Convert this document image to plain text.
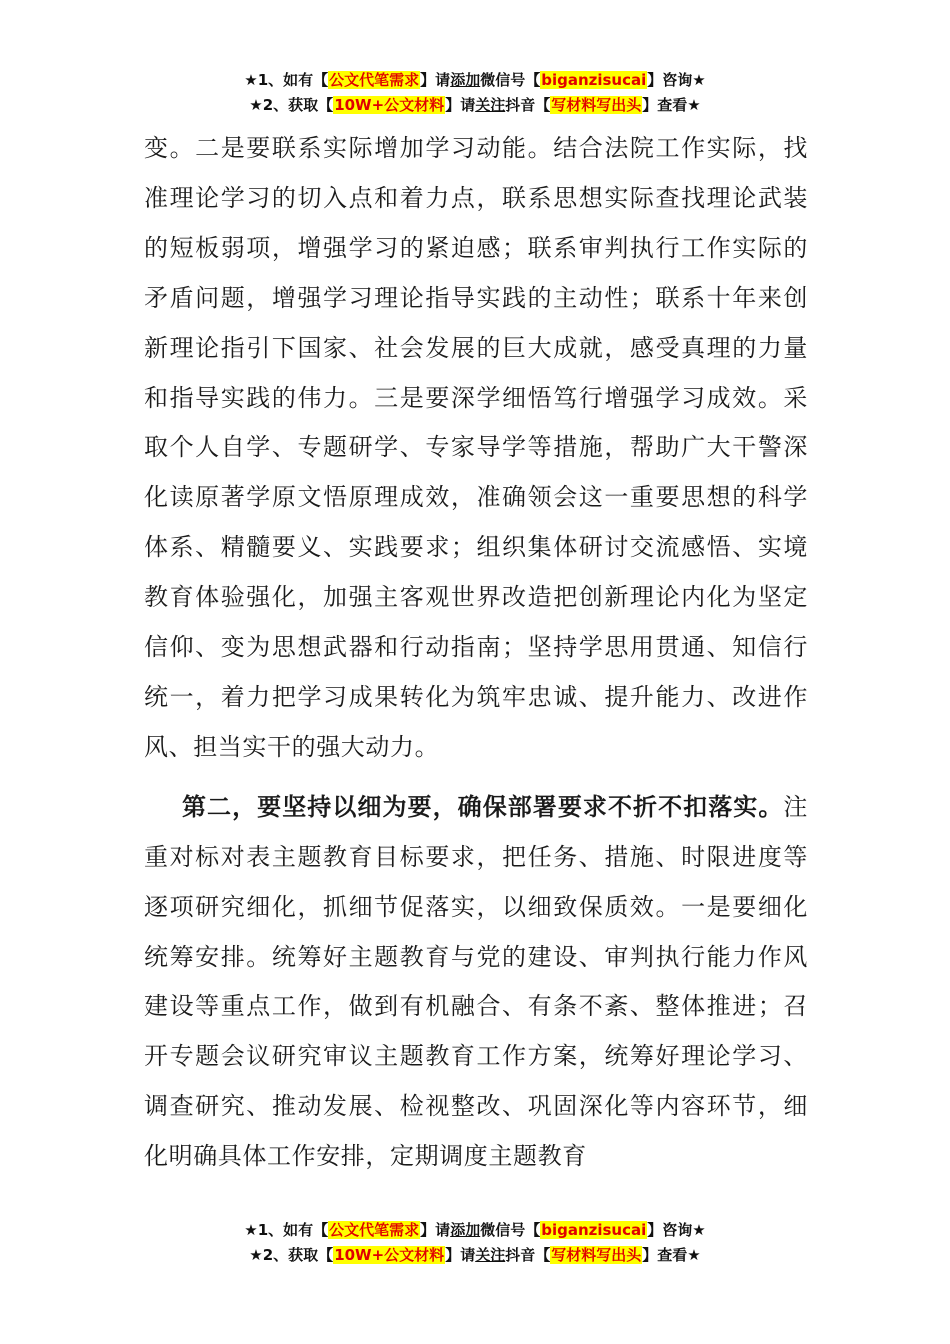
★1、如有【公文代笔需求】请添加微信号【biganzisucai】咨询★
★2、获取【10W+公文材料】请关注抖音【写材料写出头】查看★

变。二是要联系实际增加学习动能。结合法院工作实际，找准理论学习的切入点和着力点，联系思想实际查找理论武装的短板弱项，增强学习的紧迫感；联系审判执行工作实际的矛盾问题，增强学习理论指导实践的主动性；联系十年来创新理论指引下国家、社会发展的巨大成就，感受真理的力量和指导实践的伟力。三是要深学细悟笃行增强学习成效。采取个人自学、专题研学、专家导学等措施，帮助广大干警深化读原著学原文悟原理成效，准确领会这一重要思想的科学体系、精髓要义、实践要求；组织集体研讨交流感悟、实境教育体验强化，加强主客观世界改造把创新理论内化为坚定信仰、变为思想武器和行动指南；坚持学思用贯通、知信行统一，着力把学习成果转化为筑牢忠诚、提升能力、改进作风、担当实干的强大动力。

第二，要坚持以细为要，确保部署要求不折不扣落实。注重对标对表主题教育目标要求，把任务、措施、时限进度等逐项研究细化，抓细节促落实，以细致保质效。一是要细化统筹安排。统筹好主题教育与党的建设、审判执行能力作风建设等重点工作，做到有机融合、有条不紊、整体推进；召开专题会议研究审议主题教育工作方案，统筹好理论学习、调查研究、推动发展、检视整改、巩固深化等内容环节，细化明确具体工作安排，定期调度主题教育

★1、如有【公文代笔需求】请添加微信号【biganzisucai】咨询★
★2、获取【10W+公文材料】请关注抖音【写材料写出头】查看★
